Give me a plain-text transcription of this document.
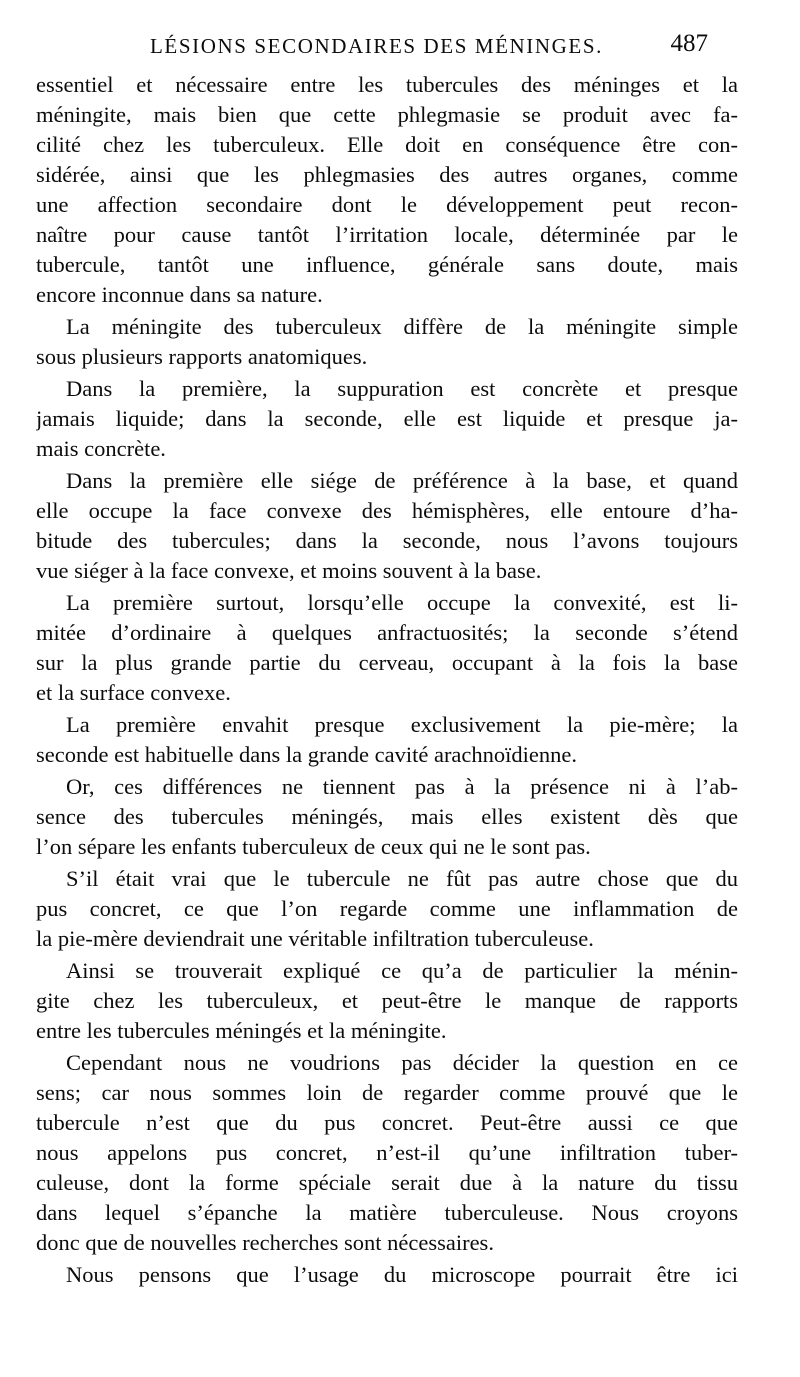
LÉSIONS SECONDAIRES DES MÉNINGES.	487
essentiel et nécessaire entre les tubercules des méninges et la
méningite, mais bien que cette phlegmasie se produit avec fa-
cilité chez les tuberculeux. Elle doit en conséquence être con-
sidérée, ainsi que les phlegmasies des autres organes, comme
une affection secondaire dont le développement peut recon-
naître pour cause tantôt l’irritation locale, déterminée par le
tubercule, tantôt une influence, générale sans doute, mais
encore inconnue dans sa nature.
La méningite des tuberculeux diffère de la méningite simple
sous plusieurs rapports anatomiques.
Dans la première, la suppuration est concrète et presque
jamais liquide; dans la seconde, elle est liquide et presque ja-
mais concrète.
Dans la première elle siége de préférence à la base, et quand
elle occupe la face convexe des hémisphères, elle entoure d’ha-
bitude des tubercules; dans la seconde, nous l’avons toujours
vue siéger à la face convexe, et moins souvent à la base.
La première surtout, lorsqu’elle occupe la convexité, est li-
mitée d’ordinaire à quelques anfractuosités; la seconde s’étend
sur la plus grande partie du cerveau, occupant à la fois la base
et la surface convexe.
La première envahit presque exclusivement la pie-mère; la
seconde est habituelle dans la grande cavité arachnoïdienne.
Or, ces différences ne tiennent pas à la présence ni à l’ab-
sence des tubercules méningés, mais elles existent dès que
l’on sépare les enfants tuberculeux de ceux qui ne le sont pas.
S’il était vrai que le tubercule ne fût pas autre chose que du
pus concret, ce que l’on regarde comme une inflammation de
la pie-mère deviendrait une véritable infiltration tuberculeuse.
Ainsi se trouverait expliqué ce qu’a de particulier la ménin-
gite chez les tuberculeux, et peut-être le manque de rapports
entre les tubercules méningés et la méningite.
Cependant nous ne voudrions pas décider la question en ce
sens; car nous sommes loin de regarder comme prouvé que le
tubercule n’est que du pus concret. Peut-être aussi ce que
nous appelons pus concret, n’est-il qu’une infiltration tuber-
culeuse, dont la forme spéciale serait due à la nature du tissu
dans lequel s’épanche la matière tuberculeuse. Nous croyons
donc que de nouvelles recherches sont nécessaires.
Nous pensons que l’usage du microscope pourrait être ici
